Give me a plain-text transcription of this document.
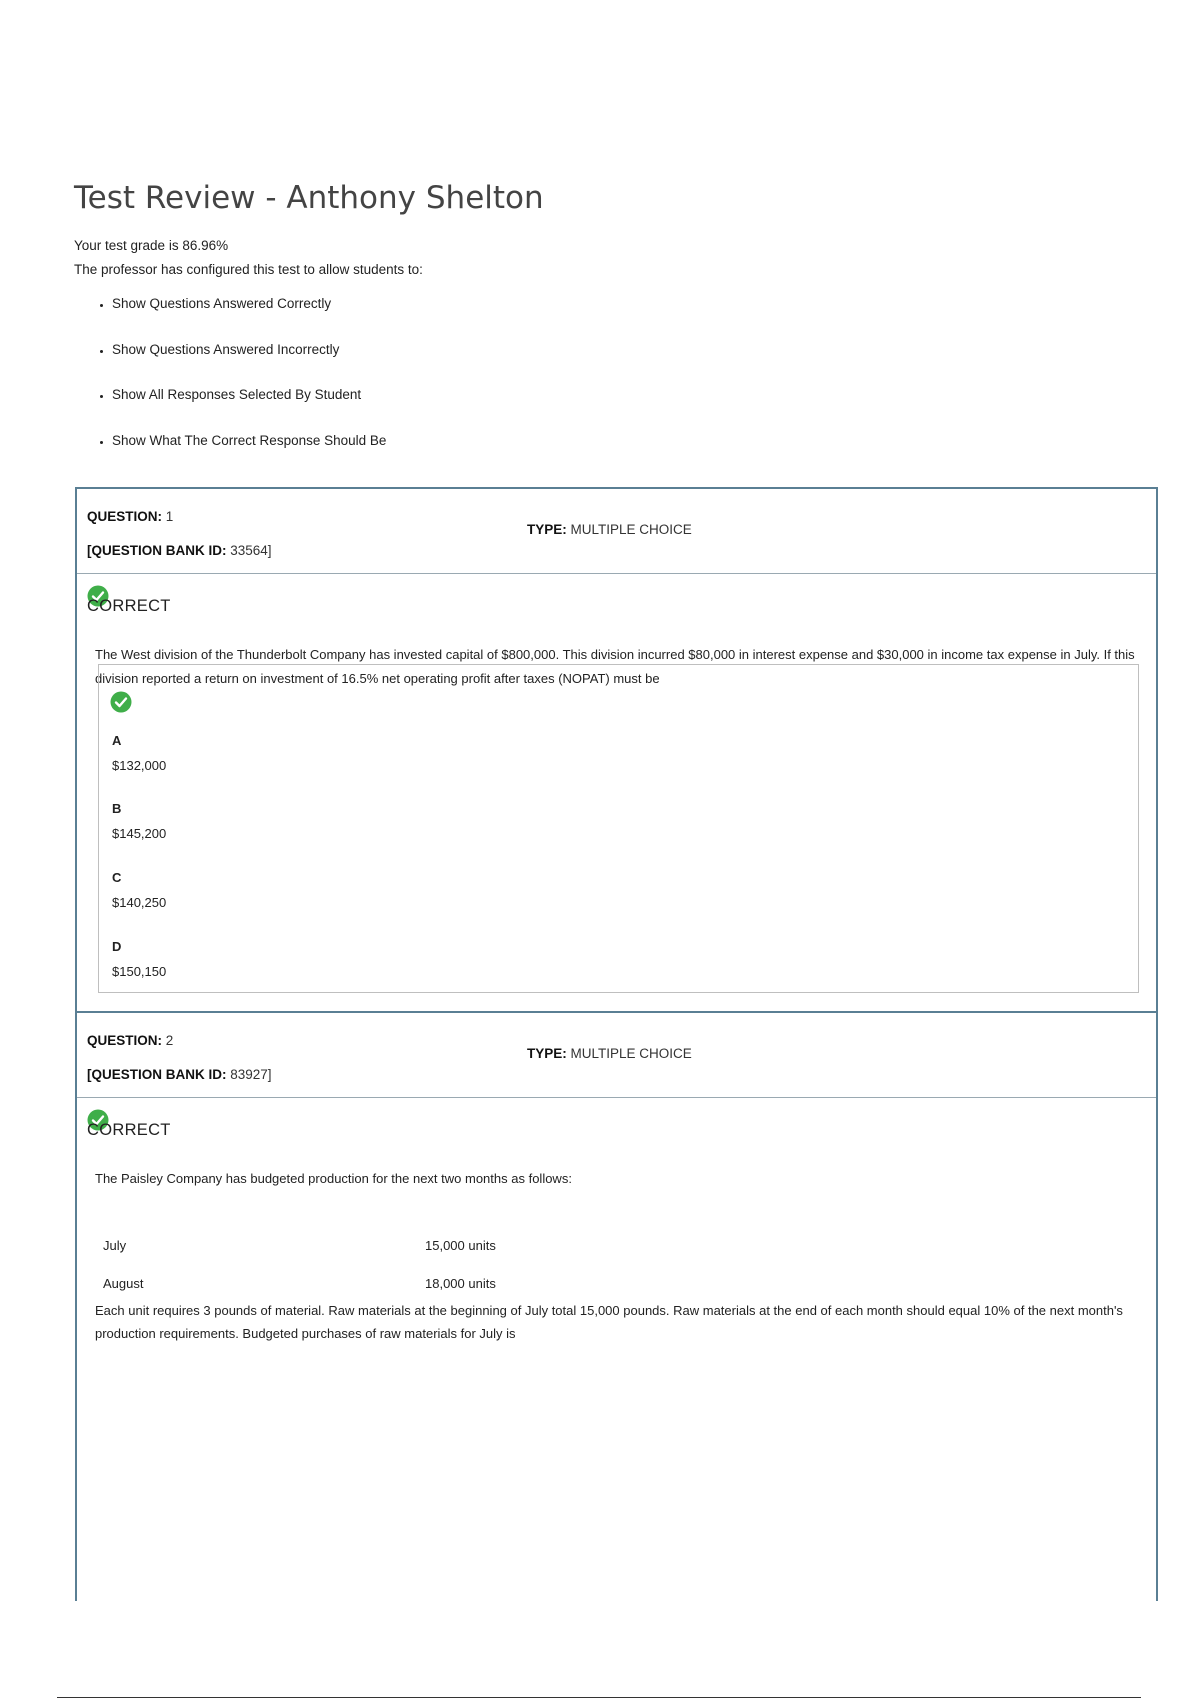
Test Review - Anthony Shelton
Your test grade is 86.96%
The professor has configured this test to allow students to:
Show Questions Answered Correctly
Show Questions Answered Incorrectly
Show All Responses Selected By Student
Show What The Correct Response Should Be
QUESTION: 1
[QUESTION BANK ID: 33564]
TYPE: MULTIPLE CHOICE
CORRECT
The West division of the Thunderbolt Company has invested capital of $800,000. This division incurred $80,000 in interest expense and $30,000 in income tax expense in July. If this division reported a return on investment of 16.5% net operating profit after taxes (NOPAT) must be
A
$132,000
B
$145,200
C
$140,250
D
$150,150
QUESTION: 2
[QUESTION BANK ID: 83927]
TYPE: MULTIPLE CHOICE
CORRECT
The Paisley Company has budgeted production for the next two months as follows:
July	15,000 units
August	18,000 units
Each unit requires 3 pounds of material. Raw materials at the beginning of July total 15,000 pounds. Raw materials at the end of each month should equal 10% of the next month's production requirements. Budgeted purchases of raw materials for July is
